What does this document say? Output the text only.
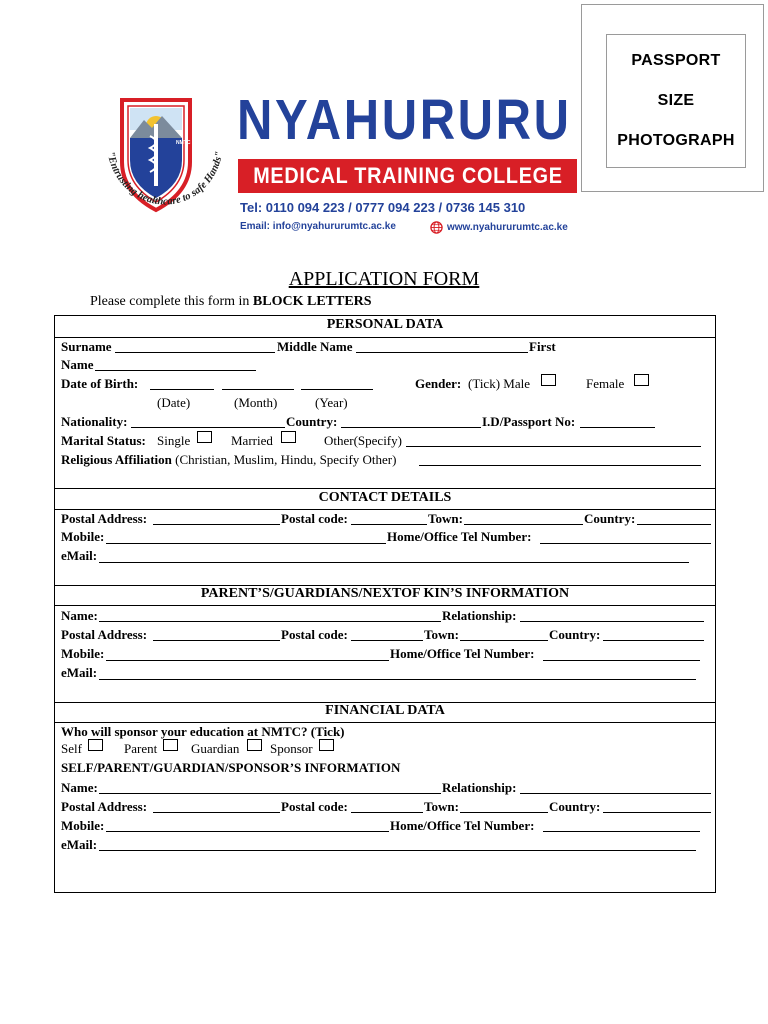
PASSPORT
SIZE
PHOTOGRAPH
NMTC
"Entrusting healthcare to safe Hands"
NYAHURURU
MEDICAL TRAINING COLLEGE
Tel: 0110 094 223 / 0777 094 223 / 0736 145 310
Email: info@nyahururumtc.ac.ke	www.nyahururumtc.ac.ke
APPLICATION FORM
Please complete this form in BLOCK LETTERS
PERSONAL DATA
Surname	Middle Name	First
Name
Date of Birth:	Gender: (Tick) Male	Female
(Date)	(Month)	(Year)
Nationality:	Country:	I.D/Passport No:
Marital Status: Single	Married	Other(Specify)
Religious Affiliation (Christian, Muslim, Hindu, Specify Other)
CONTACT DETAILS
Postal Address:	Postal code:	Town:	Country:
Mobile:	Home/Office Tel Number:
eMail:
PARENT’S/GUARDIANS/NEXTOF KIN’S INFORMATION
Name:	Relationship:
Postal Address:	Postal code:	Town:	Country:
Mobile:	Home/Office Tel Number:
eMail:
FINANCIAL DATA
Who will sponsor your education at NMTC? (Tick)
Self	Parent	Guardian Sponsor
SELF/PARENT/GUARDIAN/SPONSOR’S INFORMATION
Name:	Relationship:
Postal Address:	Postal code:	Town:	Country:
Mobile:	Home/Office Tel Number:
eMail:
